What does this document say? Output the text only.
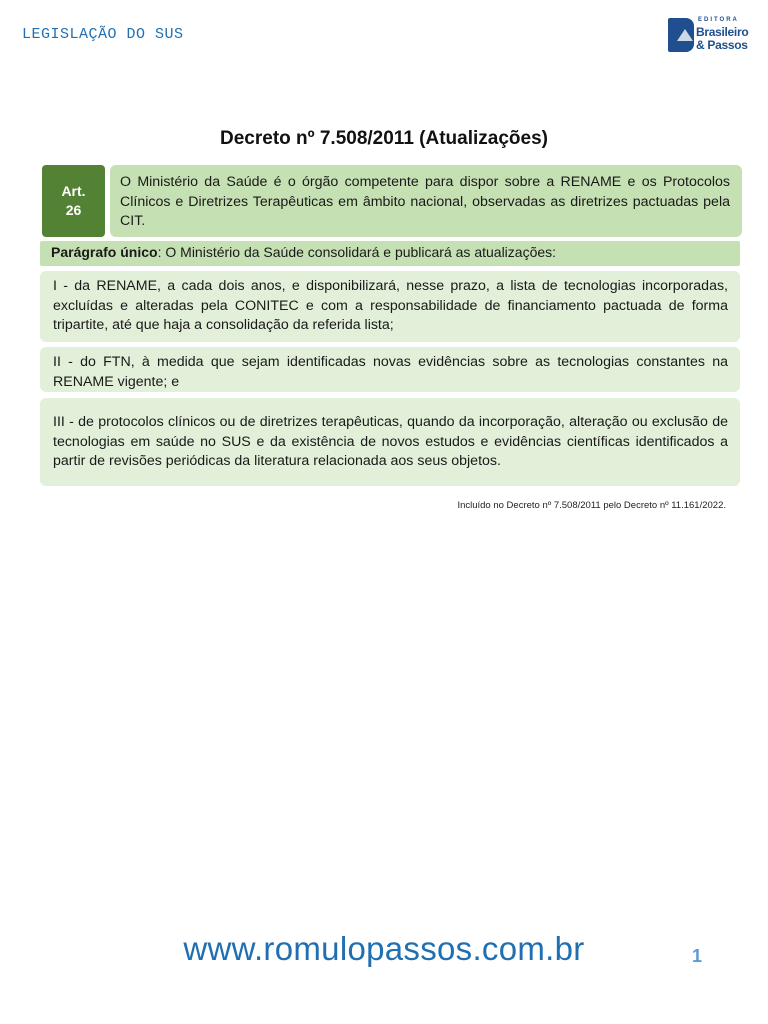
LEGISLAÇÃO DO SUS
EDITORA
Brasileiro
& Passos
Decreto nº 7.508/2011 (Atualizações)
Art.
26
O Ministério da Saúde é o órgão competente para dispor sobre a RENAME e os Protocolos Clínicos e Diretrizes Terapêuticas em âmbito nacional, observadas as diretrizes pactuadas pela CIT.
Parágrafo único: O Ministério da Saúde consolidará e publicará as atualizações:
I - da RENAME, a cada dois anos, e disponibilizará, nesse prazo, a lista de tecnologias incorporadas, excluídas e alteradas pela CONITEC e com a responsabilidade de financiamento pactuada de forma tripartite, até que haja a consolidação da referida lista;
II - do FTN, à medida que sejam identificadas novas evidências sobre as tecnologias constantes na RENAME vigente; e
III - de protocolos clínicos ou de diretrizes terapêuticas, quando da incorporação, alteração ou exclusão de tecnologias em saúde no SUS e da existência de novos estudos e evidências científicas identificados a partir de revisões periódicas da literatura relacionada aos seus objetos.
Incluído no Decreto nº 7.508/2011 pelo Decreto nº 11.161/2022.
www.romulopassos.com.br	1
